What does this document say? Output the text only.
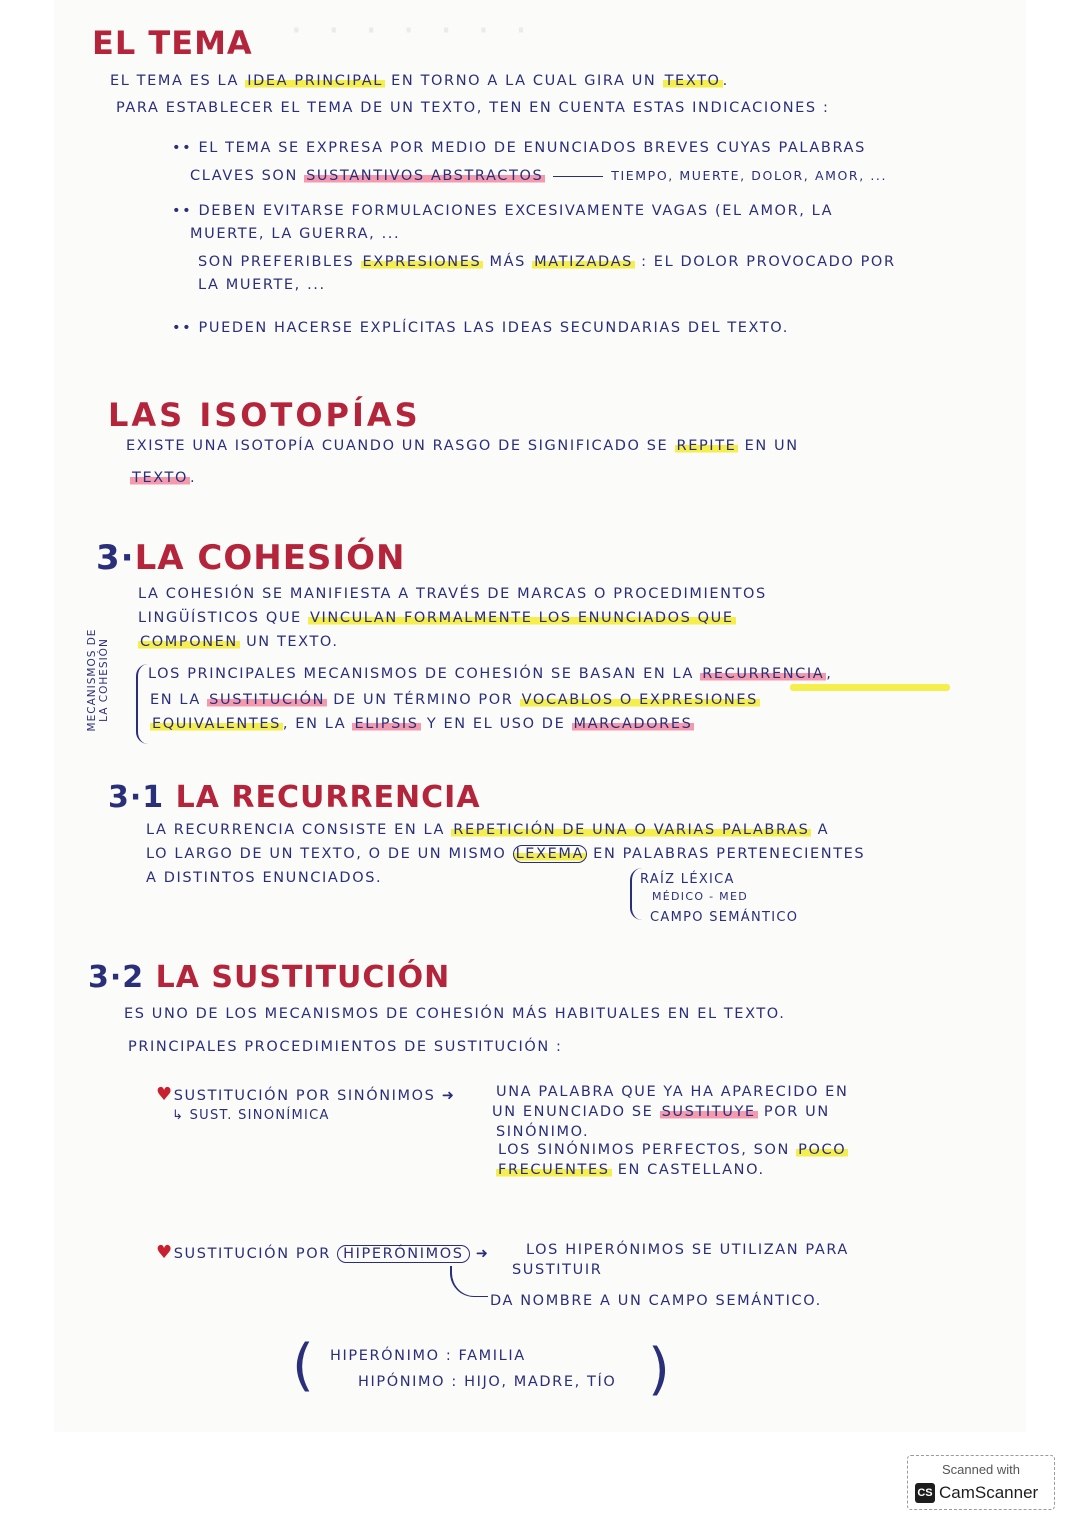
· · · · · · ·
EL TEMA
EL TEMA ES LA IDEA PRINCIPAL EN TORNO A LA CUAL GIRA UN TEXTO .
PARA ESTABLECER EL TEMA DE UN TEXTO, TEN EN CUENTA ESTAS INDICACIONES :
•• EL TEMA SE EXPRESA POR MEDIO DE ENUNCIADOS BREVES CUYAS PALABRAS
CLAVES SON SUSTANTIVOS ABSTRACTOS	TIEMPO, MUERTE, DOLOR, AMOR, ...
•• DEBEN EVITARSE FORMULACIONES EXCESIVAMENTE VAGAS (EL AMOR, LA
MUERTE, LA GUERRA, ...
SON PREFERIBLES EXPRESIONES MÁS MATIZADAS : EL DOLOR PROVOCADO POR
LA MUERTE, ...
•• PUEDEN HACERSE EXPLÍCITAS LAS IDEAS SECUNDARIAS DEL TEXTO.
LAS ISOTOPÍAS
EXISTE UNA ISOTOPÍA CUANDO UN RASGO DE SIGNIFICADO SE REPITE EN UN
TEXTO .
3·LA COHESIÓN
LA COHESIÓN SE MANIFIESTA A TRAVÉS DE MARCAS O PROCEDIMIENTOS
LINGÜÍSTICOS QUE VINCULAN FORMALMENTE LOS ENUNCIADOS QUE
COMPONEN UN TEXTO.
MECANISMOS DE LA COHESIÓN	LOS PRINCIPALES MECANISMOS DE COHESIÓN SE BASAN EN LA RECURRENCIA ,
EN LA SUSTITUCIÓN DE UN TÉRMINO POR VOCABLOS O EXPRESIONES
EQUIVALENTES , EN LA ELIPSIS Y EN EL USO DE MARCADORES
3·1 LA RECURRENCIA
LA RECURRENCIA CONSISTE EN LA REPETICIÓN DE UNA O VARIAS PALABRAS A
LO LARGO DE UN TEXTO, O DE UN MISMO LEXEMA EN PALABRAS PERTENECIENTES
A DISTINTOS ENUNCIADOS.	RAÍZ LÉXICA
MÉDICO - MED
CAMPO SEMÁNTICO
3·2 LA SUSTITUCIÓN
ES UNO DE LOS MECANISMOS DE COHESIÓN MÁS HABITUALES EN EL TEXTO.
PRINCIPALES PROCEDIMIENTOS DE SUSTITUCIÓN :
♥SUSTITUCIÓN POR SINÓNIMOS ➜
↳ SUST. SINONÍMICA
UNA PALABRA QUE YA HA APARECIDO EN
UN ENUNCIADO SE SUSTITUYE POR UN
SINÓNIMO.
LOS SINÓNIMOS PERFECTOS, SON POCO
FRECUENTES EN CASTELLANO.
♥SUSTITUCIÓN POR HIPERÓNIMOS ➜	LOS HIPERÓNIMOS SE UTILIZAN PARA
SUSTITUIR
DA NOMBRE A UN CAMPO SEMÁNTICO.
( HIPERÓNIMO : FAMILIA
HIPÓNIMO : HIJO, MADRE, TÍO )
Scanned with
CS CamScanner
